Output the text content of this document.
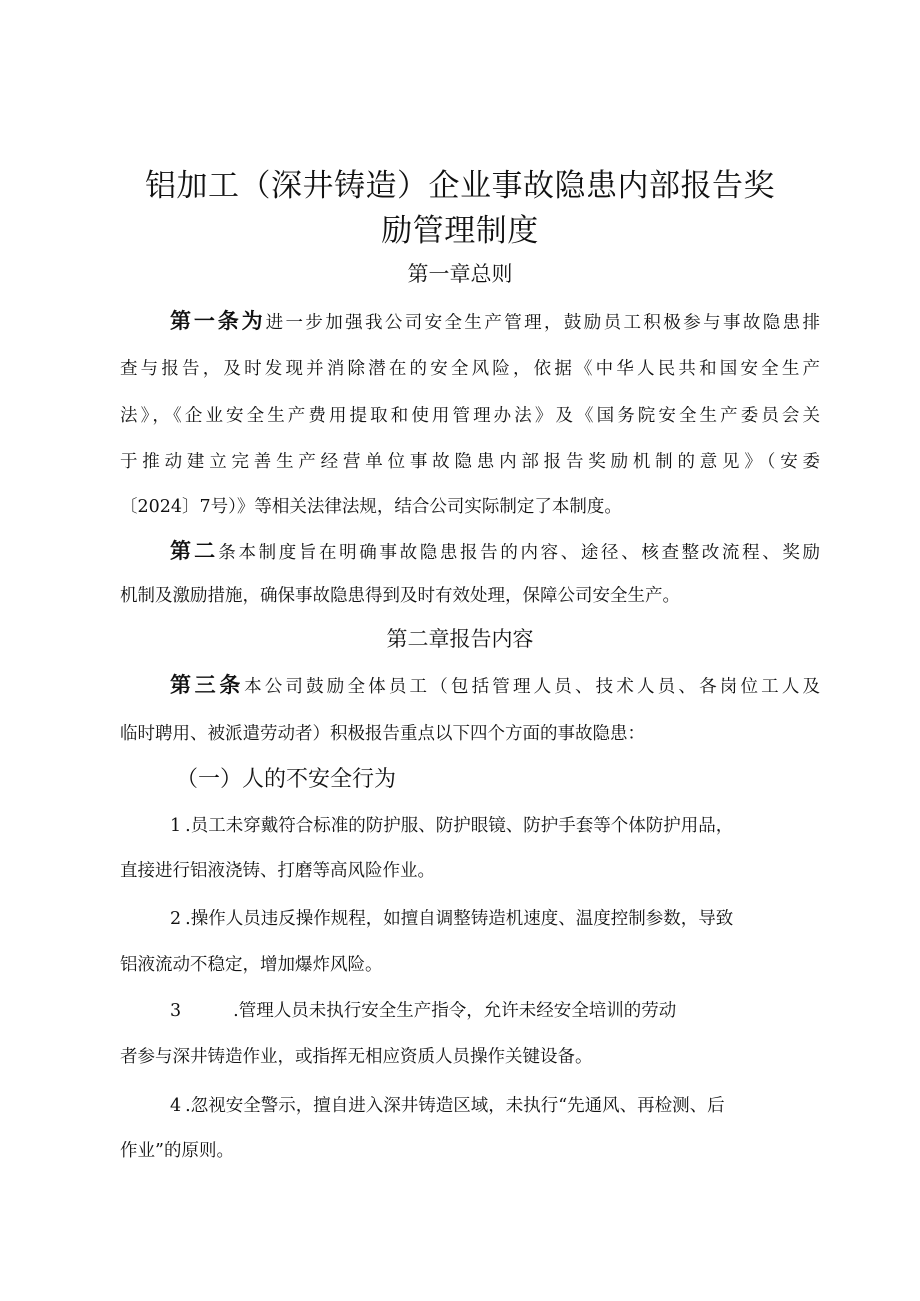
铝加工（深井铸造）企业事故隐患内部报告奖
励管理制度
第一章总则
第一条为进一步加强我公司安全生产管理，鼓励员工积极参与事故隐患排
查与报告，及时发现并消除潜在的安全风险，依据《中华人民共和国安全生产
法》，《企业安全生产费用提取和使用管理办法》及《国务院安全生产委员会关
于推动建立完善生产经营单位事故隐患内部报告奖励机制的意见》（安委
〔2024〕7号）》等相关法律法规，结合公司实际制定了本制度。
第二条本制度旨在明确事故隐患报告的内容、途径、核查整改流程、奖励
机制及激励措施，确保事故隐患得到及时有效处理，保障公司安全生产。
第二章报告内容
第三条本公司鼓励全体员工（包括管理人员、技术人员、各岗位工人及
临时聘用、被派遣劳动者）积极报告重点以下四个方面的事故隐患：
（一）人的不安全行为
1 .员工未穿戴符合标准的防护服、防护眼镜、防护手套等个体防护用品，
直接进行铝液浇铸、打磨等高风险作业。
2 .操作人员违反操作规程，如擅自调整铸造机速度、温度控制参数，导致
铝液流动不稳定，增加爆炸风险。
3	.管理人员未执行安全生产指令，允许未经安全培训的劳动
者参与深井铸造作业，或指挥无相应资质人员操作关键设备。
4 .忽视安全警示，擅自进入深井铸造区域，未执行“先通风、再检测、后
作业”的原则。
